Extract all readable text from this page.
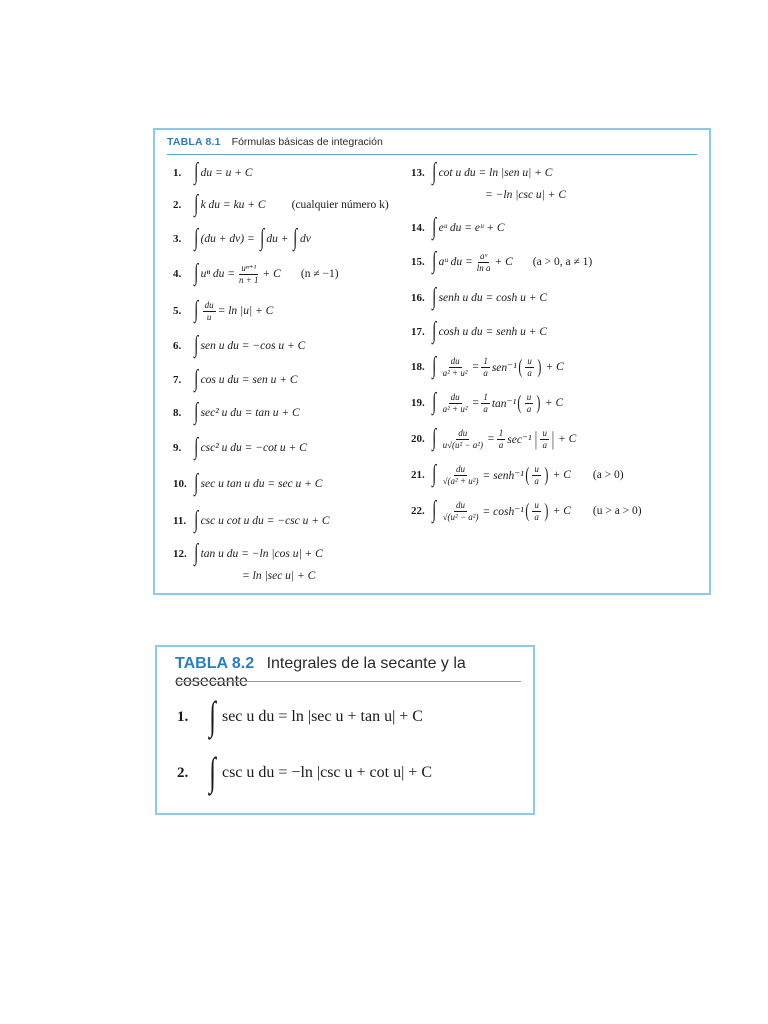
TABLA 8.1 Fórmulas básicas de integración
1. ∫ du = u + C
2. ∫ k du = ku + C (cualquier número k)
3. ∫ (du + dv) = ∫ du + ∫ dv
4. ∫ uⁿ du = $\frac{\text{uⁿ⁺¹}}{n + 1} + C$ (n ≠ −1)
5. ∫ $\frac{du}{u} = \ln |u| + C$
6. ∫ sen u du = −cos u + C
7. ∫ cos u du = sen u + C
8. ∫ sec² u du = tan u + C
9. ∫ csc² u du = −cot u + C
10. ∫ sec u tan u du = sec u + C
11. ∫ csc u cot u du = −csc u + C
12. ∫ tan u du = −ln |cos u| + C
= ln |sec u| + C
13. ∫ cot u du = ln |sen u| + C
= −ln |csc u| + C
14. ∫ eᵘ du = eᵘ + C
15. ∫ aᵘ du = $\frac{\text{aᵘ}}{\text{ln a}} + C$ (a > 0, a ≠ 1)
16. ∫ senh u du = cosh u + C
17. ∫ cosh u du = senh u + C
18. ∫ $\frac{du}{\text{a² + u²}} = \frac{1}{a} sen^{-1}$ ( $\frac{u}{a}$ ) + C
19. ∫ $\frac{du}{\text{a² + u²}} = \frac{1}{a} \tan^{-1}$ ( $\frac{u}{a}$ ) + C
20. ∫ $\frac{du}{\text{u√(u² − a²)}} = \frac{1}{a} \sec^{-1}$ | $\frac{u}{a}$ | + C
21. ∫ $\frac{du}{\text{√(a² + u²)}}$ = senh⁻¹ ( $\frac{u}{a}$ ) + C (a > 0)
22. ∫ $\frac{du}{\text{√(u² − a²)}} = \cosh^{-1}$ ( $\frac{u}{a}$ ) + C (u > a > 0)
TABLA 8.2 Integrales de la secante y la cosecante
1. ∫ sec u du = ln |sec u + tan u| + C
2. ∫ csc u du = −ln |csc u + cot u| + C
